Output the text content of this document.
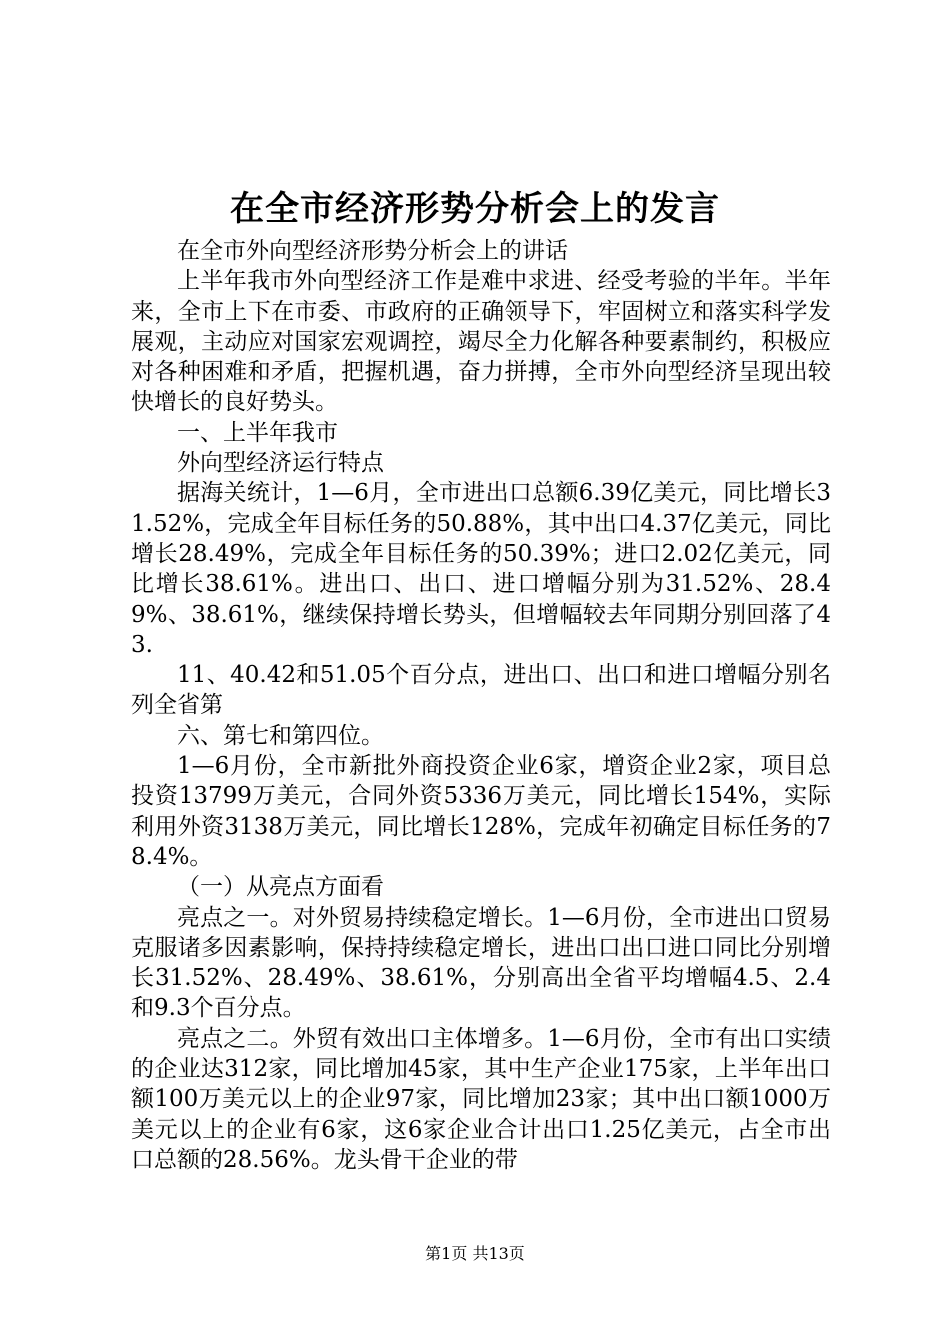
在全市经济形势分析会上的发言

在全市外向型经济形势分析会上的讲话

上半年我市外向型经济工作是难中求进、经受考验的半年。半年来，全市上下在市委、市政府的正确领导下，牢固树立和落实科学发展观，主动应对国家宏观调控，竭尽全力化解各种要素制约，积极应对各种困难和矛盾，把握机遇，奋力拼搏，全市外向型经济呈现出较快增长的良好势头。

一、上半年我市

外向型经济运行特点

据海关统计，1—6月，全市进出口总额6.39亿美元，同比增长31.52%，完成全年目标任务的50.88%，其中出口4.37亿美元，同比增长28.49%，完成全年目标任务的50.39%；进口2.02亿美元，同比增长38.61%。进出口、出口、进口增幅分别为31.52%、28.49%、38.61%，继续保持增长势头，但增幅较去年同期分别回落了43.

11、40.42和51.05个百分点，进出口、出口和进口增幅分别名列全省第

六、第七和第四位。

1—6月份，全市新批外商投资企业6家，增资企业2家，项目总投资13799万美元，合同外资5336万美元，同比增长154%，实际利用外资3138万美元，同比增长128%，完成年初确定目标任务的78.4%。

（一）从亮点方面看

亮点之一。对外贸易持续稳定增长。1—6月份，全市进出口贸易克服诸多因素影响，保持持续稳定增长，进出口出口进口同比分别增长31.52%、28.49%、38.61%，分别高出全省平均增幅4.5、2.4和9.3个百分点。

亮点之二。外贸有效出口主体增多。1—6月份，全市有出口实绩的企业达312家，同比增加45家，其中生产企业175家，上半年出口额100万美元以上的企业97家，同比增加23家；其中出口额1000万美元以上的企业有6家，这6家企业合计出口1.25亿美元，占全市出口总额的28.56%。龙头骨干企业的带

第1页 共13页
